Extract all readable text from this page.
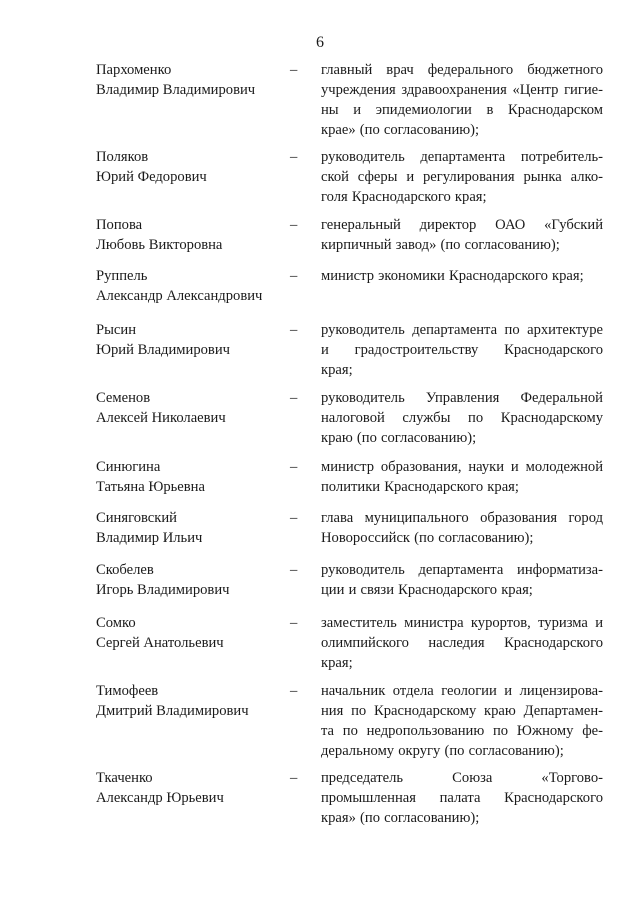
6
Пархоменко
Владимир Владимирович
– главный врач федерального бюджетного
учреждения здравоохранения «Центр гигие-
ны и эпидемиологии в Краснодарском
крае» (по согласованию);
Поляков
Юрий Федорович
– руководитель департамента потребитель-
ской сферы и регулирования рынка алко-
голя Краснодарского края;
Попова
Любовь Викторовна
– генеральный директор ОАО «Губский
кирпичный завод» (по согласованию);
Руппель
Александр Александрович
– министр экономики Краснодарского края;
Рысин
Юрий Владимирович
– руководитель департамента по архитектуре
и градостроительству Краснодарского
края;
Семенов
Алексей Николаевич
– руководитель Управления Федеральной
налоговой службы по Краснодарскому
краю (по согласованию);
Синюгина
Татьяна Юрьевна
– министр образования, науки и молодежной
политики Краснодарского края;
Синяговский
Владимир Ильич
– глава муниципального образования город
Новороссийск (по согласованию);
Скобелев
Игорь Владимирович
– руководитель департамента информатиза-
ции и связи Краснодарского края;
Сомко
Сергей Анатольевич
– заместитель министра курортов, туризма и
олимпийского наследия Краснодарского
края;
Тимофеев
Дмитрий Владимирович
– начальник отдела геологии и лицензирова-
ния по Краснодарскому краю Департамен-
та по недропользованию по Южному фе-
деральному округу (по согласованию);
Ткаченко
Александр Юрьевич
– председатель Союза «Торгово-
промышленная палата Краснодарского
края» (по согласованию);
